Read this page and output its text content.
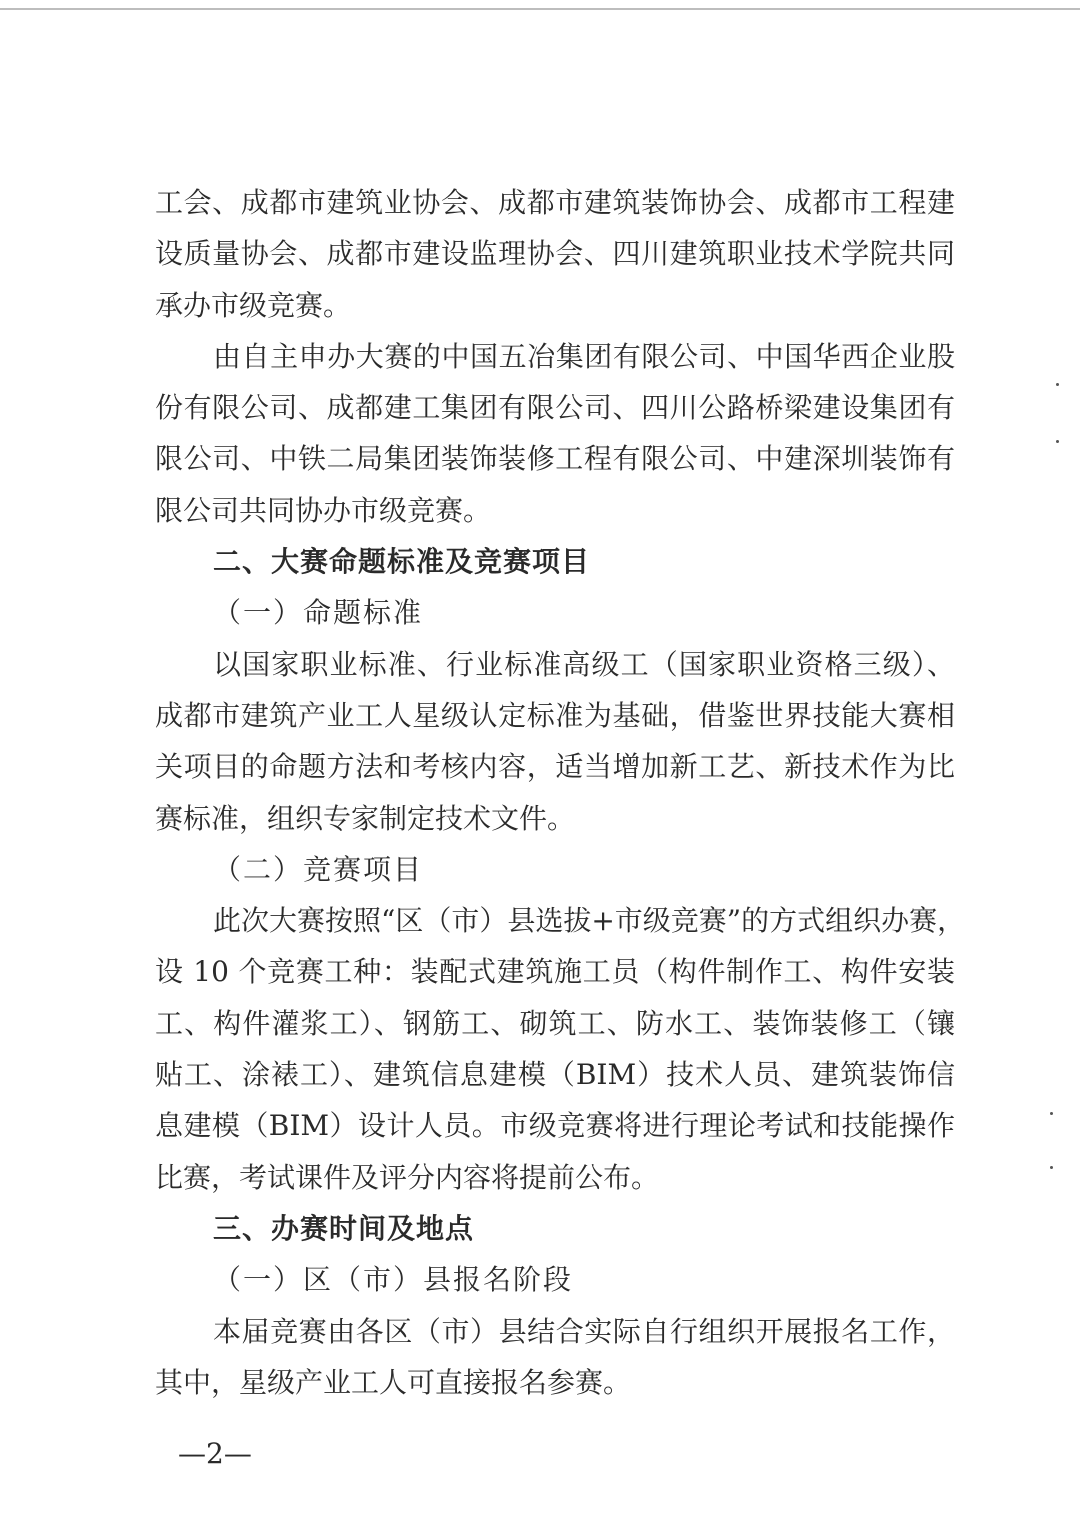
工会、成都市建筑业协会、成都市建筑装饰协会、成都市工程建
设质量协会、成都市建设监理协会、四川建筑职业技术学院共同
承办市级竞赛。
由自主申办大赛的中国五冶集团有限公司、中国华西企业股
份有限公司、成都建工集团有限公司、四川公路桥梁建设集团有
限公司、中铁二局集团装饰装修工程有限公司、中建深圳装饰有
限公司共同协办市级竞赛。
二、大赛命题标准及竞赛项目
（一）命题标准
以国家职业标准、行业标准高级工（国家职业资格三级）、
成都市建筑产业工人星级认定标准为基础，借鉴世界技能大赛相
关项目的命题方法和考核内容，适当增加新工艺、新技术作为比
赛标准，组织专家制定技术文件。
（二）竞赛项目
此次大赛按照“区（市）县选拔+市级竞赛”的方式组织办赛，
设 10 个竞赛工种：装配式建筑施工员（构件制作工、构件安装
工、构件灌浆工）、钢筋工、砌筑工、防水工、装饰装修工（镶
贴工、涂裱工）、建筑信息建模（BIM）技术人员、建筑装饰信
息建模（BIM）设计人员。市级竞赛将进行理论考试和技能操作
比赛，考试课件及评分内容将提前公布。
三、办赛时间及地点
（一）区（市）县报名阶段
本届竞赛由各区（市）县结合实际自行组织开展报名工作，
其中，星级产业工人可直接报名参赛。
—2—
